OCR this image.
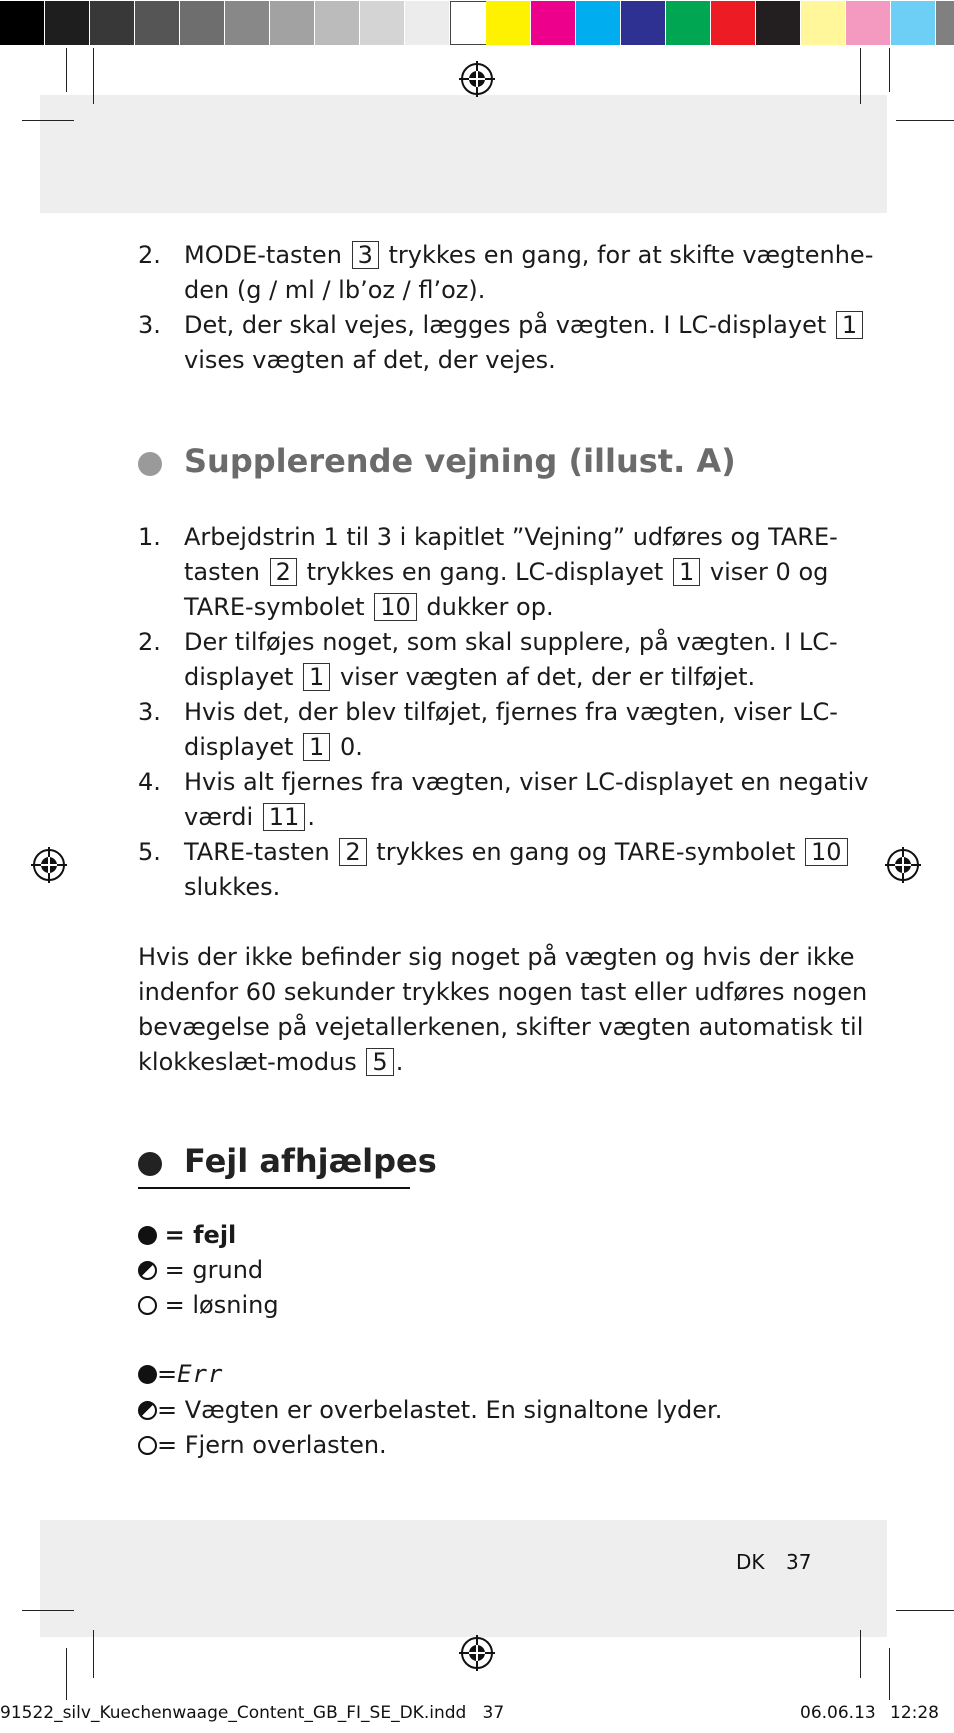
2. MODE-tasten 3 trykkes en gang, for at skifte vægtenhe-
den (g / ml / lb’oz / fl’oz).
3. Det, der skal vejes, lægges på vægten. I LC-displayet 1
vises vægten af det, der vejes.
Supplerende vejning (illust. A)
1. Arbejdstrin 1 til 3 i kapitlet ”Vejning” udføres og TARE-
tasten 2 trykkes en gang. LC-displayet 1 viser 0 og
TARE-symbolet 10 dukker op.
2. Der tilføjes noget, som skal supplere, på vægten. I LC-
displayet 1 viser vægten af det, der er tilføjet.
3. Hvis det, der blev tilføjet, fjernes fra vægten, viser LC-
displayet 1 0.
4. Hvis alt fjernes fra vægten, viser LC-displayet en negativ
værdi 11 .
5. TARE-tasten 2 trykkes en gang og TARE-symbolet 10
slukkes.
Hvis der ikke befinder sig noget på vægten og hvis der ikke
indenfor 60 sekunder trykkes nogen tast eller udføres nogen
bevægelse på vejetallerkenen, skifter vægten automatisk til
klokkeslæt-modus 5 .
Fejl afhjælpes
= fejl
= grund
= løsning
=Err
= Vægten er overbelastet. En signaltone lyder.
= Fjern overlasten.
DK 37
91522_silv_Kuechenwaage_Content_GB_FI_SE_DK.indd   37	06.06.13 12:28
